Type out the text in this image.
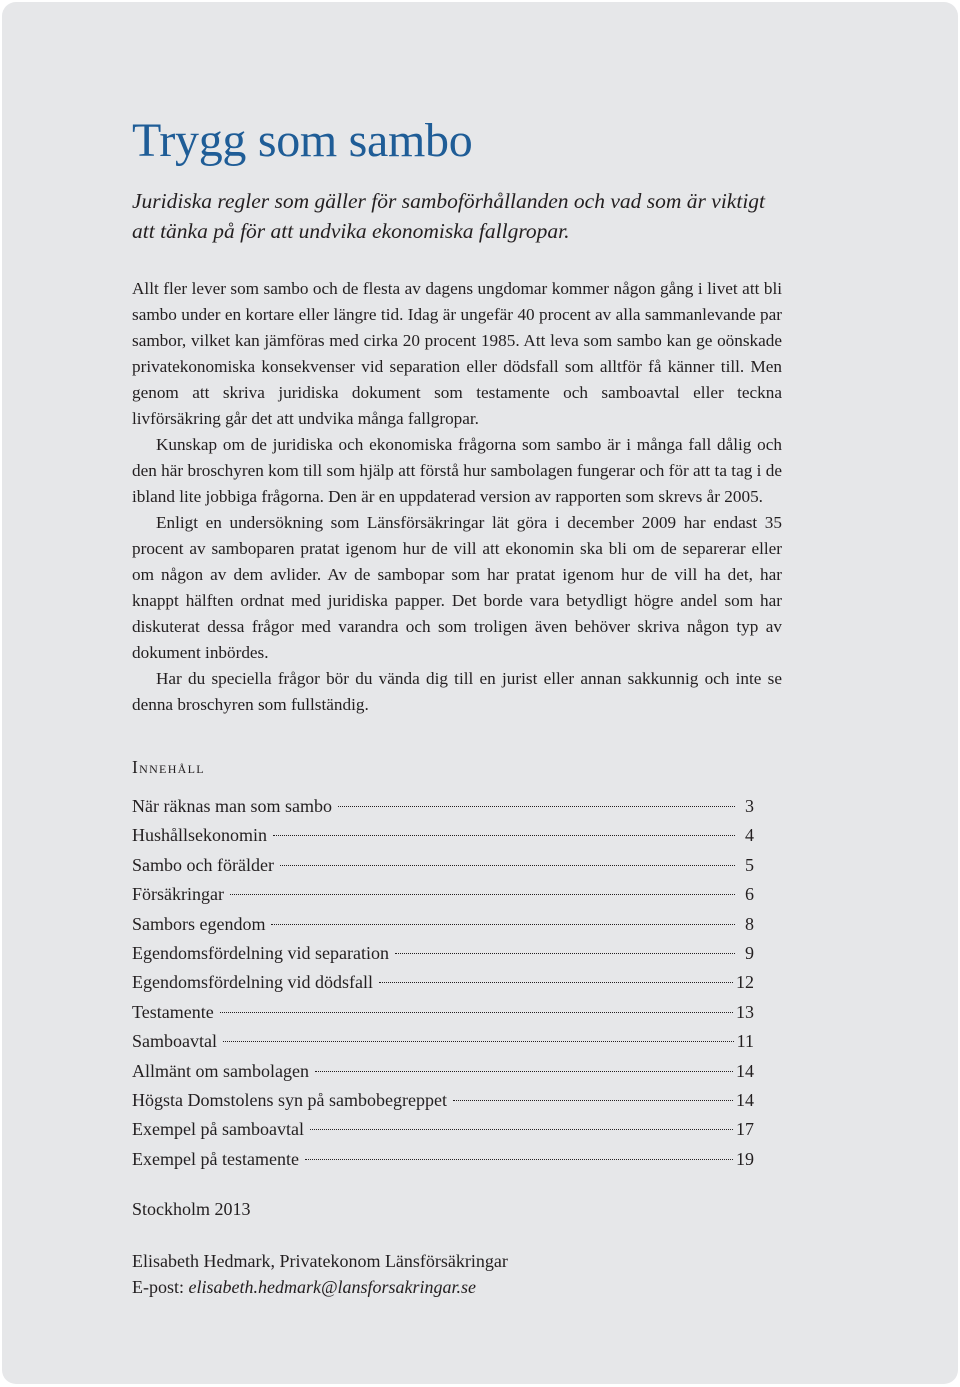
Trygg som sambo

Juridiska regler som gäller för samboförhållanden och vad som är viktigt att tänka på för att undvika ekonomiska fallgropar.

Allt fler lever som sambo och de flesta av dagens ungdomar kommer någon gång i livet att bli sambo under en kortare eller längre tid. Idag är ungefär 40 procent av alla sammanlevande par sambor, vilket kan jämföras med cirka 20 procent 1985. Att leva som sambo kan ge oönskade privatekonomiska konsekvenser vid separation eller dödsfall som alltför få känner till. Men genom att skriva juridiska dokument som testamente och samboavtal eller teckna livförsäkring går det att undvika många fallgropar.

Kunskap om de juridiska och ekonomiska frågorna som sambo är i många fall dålig och den här broschyren kom till som hjälp att förstå hur sambolagen fungerar och för att ta tag i de ibland lite jobbiga frågorna. Den är en uppdaterad version av rapporten som skrevs år 2005.

Enligt en undersökning som Länsförsäkringar lät göra i december 2009 har endast 35 procent av samboparen pratat igenom hur de vill att ekonomin ska bli om de separerar eller om någon av dem avlider. Av de sambopar som har pratat igenom hur de vill ha det, har knappt hälften ordnat med juridiska papper. Det borde vara betydligt högre andel som har diskuterat dessa frågor med varandra och som troligen även behöver skriva någon typ av dokument inbördes.

Har du speciella frågor bör du vända dig till en jurist eller annan sakkunnig och inte se denna broschyren som fullständig.

Innehåll
När räknas man som sambo	3
Hushållsekonomin	4
Sambo och förälder	5
Försäkringar	6
Sambors egendom	8
Egendomsfördelning vid separation	9
Egendomsfördelning vid dödsfall	12
Testamente	13
Samboavtal	11
Allmänt om sambolagen	14
Högsta Domstolens syn på sambobegreppet	14
Exempel på samboavtal	17
Exempel på testamente	19

Stockholm 2013

Elisabeth Hedmark, Privatekonom Länsförsäkringar

E-post: elisabeth.hedmark@lansforsakringar.se
